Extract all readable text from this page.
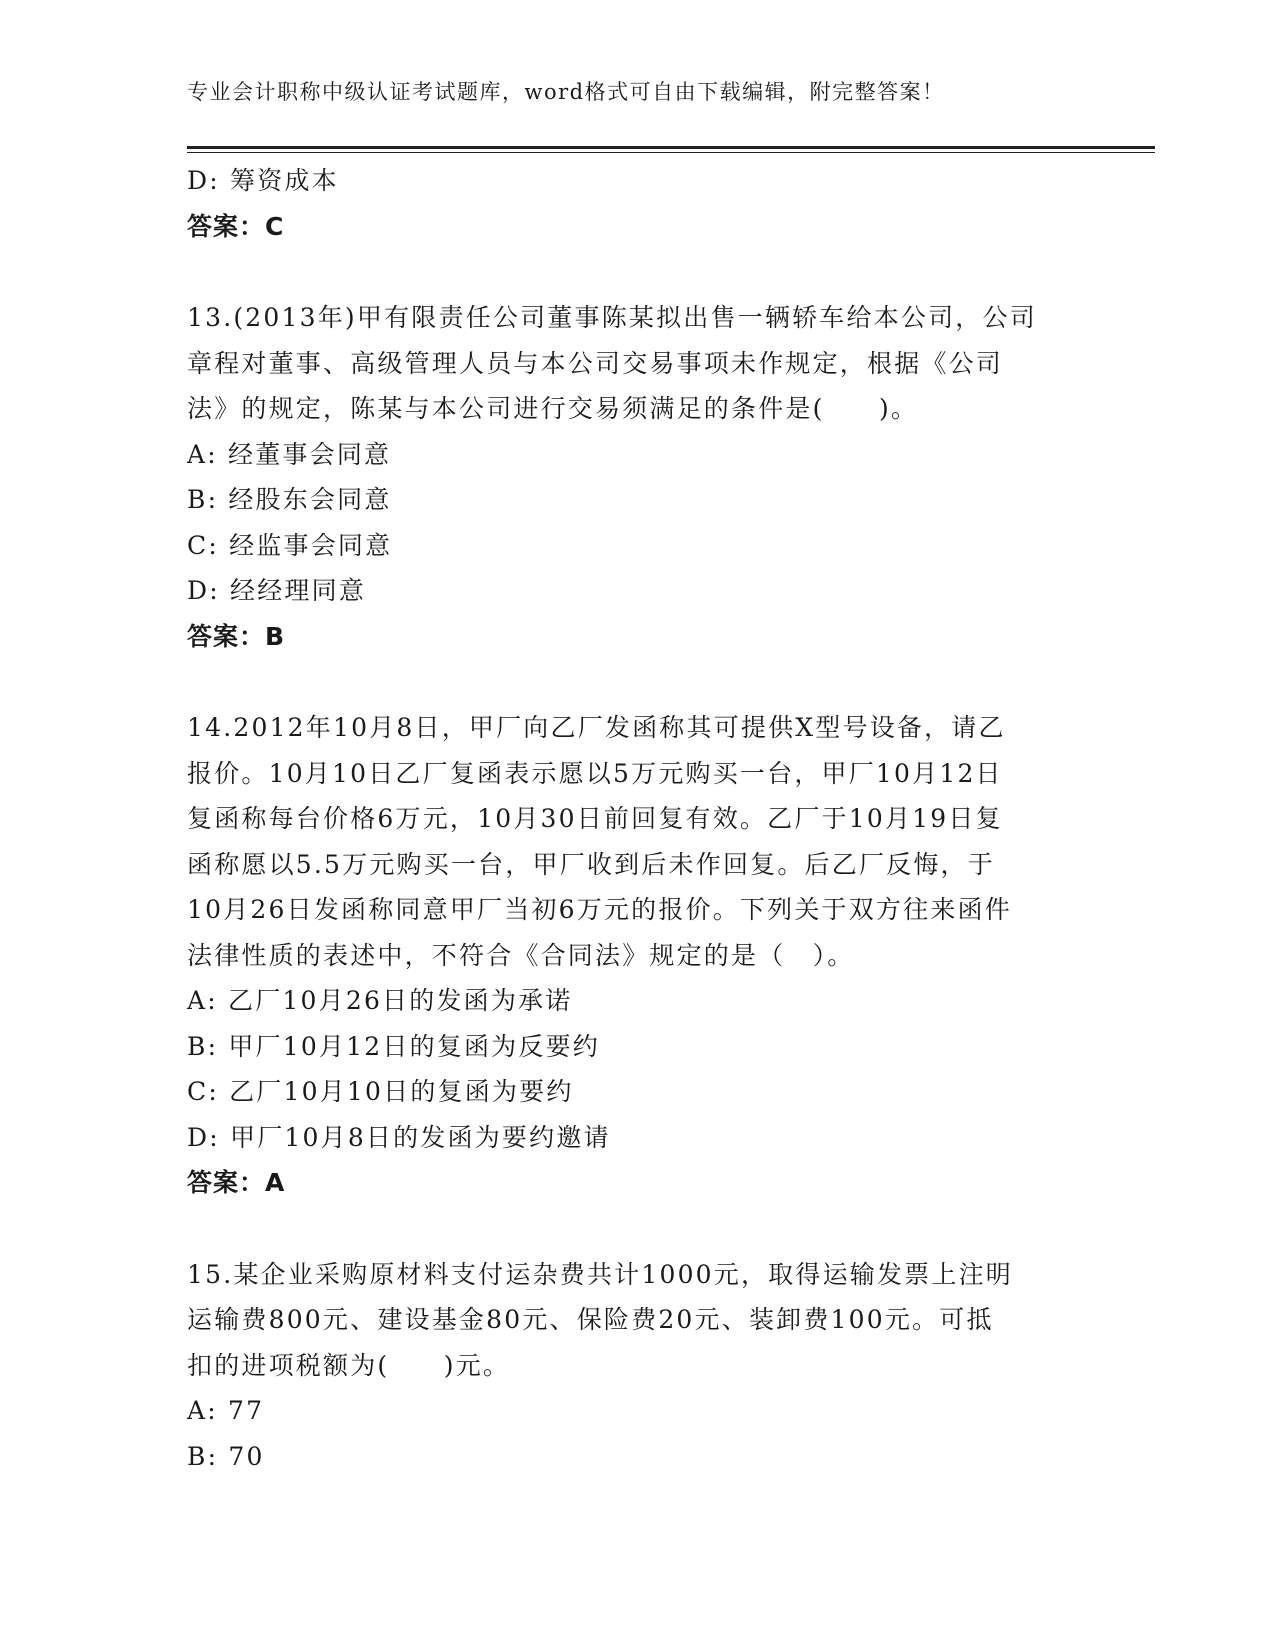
专业会计职称中级认证考试题库，word格式可自由下载编辑，附完整答案！
D: 筹资成本
答案：C
13.(2013年)甲有限责任公司董事陈某拟出售一辆轿车给本公司，公司
章程对董事、高级管理人员与本公司交易事项未作规定，根据《公司
法》的规定，陈某与本公司进行交易须满足的条件是(　　)。
A: 经董事会同意
B: 经股东会同意
C: 经监事会同意
D: 经经理同意
答案：B
14.2012年10月8日，甲厂向乙厂发函称其可提供X型号设备，请乙
报价。10月10日乙厂复函表示愿以5万元购买一台，甲厂10月12日
复函称每台价格6万元，10月30日前回复有效。乙厂于10月19日复
函称愿以5.5万元购买一台，甲厂收到后未作回复。后乙厂反悔，于
10月26日发函称同意甲厂当初6万元的报价。下列关于双方往来函件
法律性质的表述中，不符合《合同法》规定的是（　）。
A: 乙厂10月26日的发函为承诺
B: 甲厂10月12日的复函为反要约
C: 乙厂10月10日的复函为要约
D: 甲厂10月8日的发函为要约邀请
答案：A
15.某企业采购原材料支付运杂费共计1000元，取得运输发票上注明
运输费800元、建设基金80元、保险费20元、装卸费100元。可抵
扣的进项税额为(　　)元。
A: 77
B: 70
